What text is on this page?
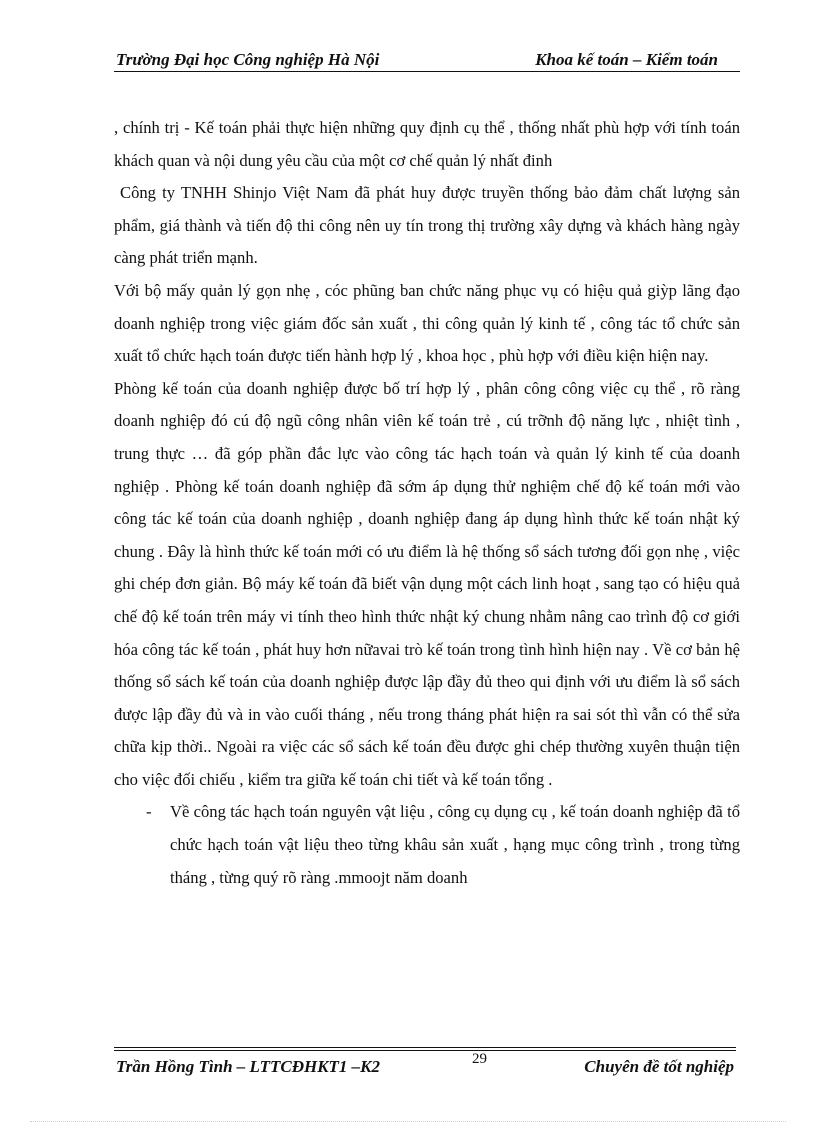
Trường Đại học Công nghiệp Hà Nội	Khoa kế toán – Kiểm toán

, chính trị - Kế toán phải thực hiện những quy định cụ thể , thống nhất phù hợp với tính toán khách quan và nội dung yêu cầu của một cơ chế quản lý nhất đinh

Công ty TNHH Shinjo Việt Nam đã phát huy được truyền thống bảo đảm chất lượng sản phẩm, giá thành và tiến độ thi công nên uy tín trong thị trường xây dựng và khách hàng ngày càng phát triển mạnh.

Với bộ mấy quản lý gọn nhẹ , cóc phũng ban chức năng phục vụ có hiệu quả giỳp lãng đạo doanh nghiệp trong việc giám đốc sản xuất , thi công quản lý kinh tế , công tác tổ chức sản xuất tổ chức hạch toán được tiến hành hợp lý , khoa học , phù hợp với điều kiện hiện nay.

Phòng kế toán của doanh nghiệp được bố trí hợp lý , phân công công việc cụ thể , rõ ràng doanh nghiệp đó cú độ ngũ công nhân viên kế toán trẻ , cú trỡnh độ năng lực , nhiệt tình , trung thực … đã góp phần đắc lực vào công tác hạch toán và quản lý kinh tế của doanh nghiệp . Phòng kế toán doanh nghiệp đã sớm áp dụng thử nghiệm chế độ kế toán mới vào công tác kế toán của doanh nghiệp , doanh nghiệp đang áp dụng hình thức kế toán nhật ký chung . Đây là hình thức kế toán mới có ưu điểm là hệ thống sổ sách tương đối gọn nhẹ , việc ghi chép đơn giản. Bộ máy kế toán đã biết vận dụng một cách linh hoạt , sang tạo có hiệu quả chế độ kế toán trên máy vi tính theo hình thức nhật ký chung nhằm nâng cao trình độ cơ giới hóa công tác kế toán , phát huy hơn nữavai trò kế toán trong tình hình hiện nay . Về cơ bản hệ thống sổ sách kế toán của doanh nghiệp được lập đầy đủ theo qui định với ưu điểm là sổ sách được lập đầy đủ và in vào cuối tháng , nếu trong tháng phát hiện ra sai sót thì vẫn có thể sửa chữa kịp thời.. Ngoài ra việc các sổ sách kế toán đều được ghi chép thường xuyên thuận tiện cho việc đối chiếu , kiểm tra giữa kế toán chi tiết và kế toán tổng .

- Về công tác hạch toán nguyên vật liệu , công cụ dụng cụ , kế toán doanh nghiệp đã tổ chức hạch toán vật liệu theo từng khâu sản xuất , hạng mục công trình , trong từng tháng , từng quý rõ ràng .mmoojt năm doanh

Trần Hồng Tình – LTTCĐHKT1 –K2	29	Chuyên đề tốt nghiệp
